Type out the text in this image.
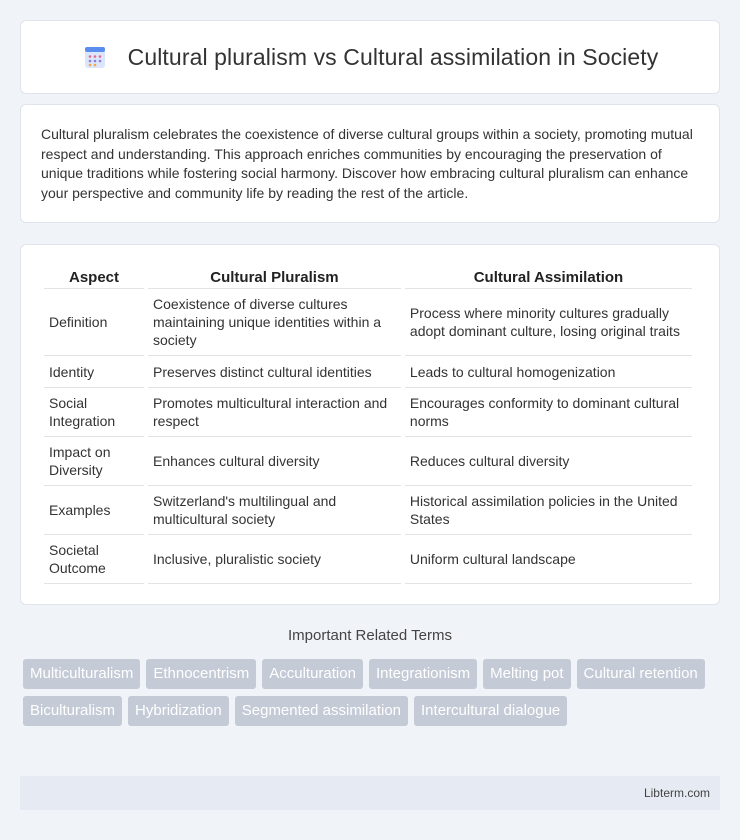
Cultural pluralism vs Cultural assimilation in Society

Cultural pluralism celebrates the coexistence of diverse cultural groups within a society, promoting mutual respect and understanding. This approach enriches communities by encouraging the preservation of unique traditions while fostering social harmony. Discover how embracing cultural pluralism can enhance your perspective and community life by reading the rest of the article.

Aspect	Cultural Pluralism	Cultural Assimilation
Definition	Coexistence of diverse cultures maintaining unique identities within a society	Process where minority cultures gradually adopt dominant culture, losing original traits
Identity	Preserves distinct cultural identities	Leads to cultural homogenization
Social Integration	Promotes multicultural interaction and respect	Encourages conformity to dominant cultural norms
Impact on Diversity	Enhances cultural diversity	Reduces cultural diversity
Examples	Switzerland's multilingual and multicultural society	Historical assimilation policies in the United States
Societal Outcome	Inclusive, pluralistic society	Uniform cultural landscape
Important Related Terms
Multiculturalism	Ethnocentrism	Acculturation	Integrationism	Melting pot	Cultural retention
Biculturalism	Hybridization	Segmented assimilation	Intercultural dialogue
Libterm.com
